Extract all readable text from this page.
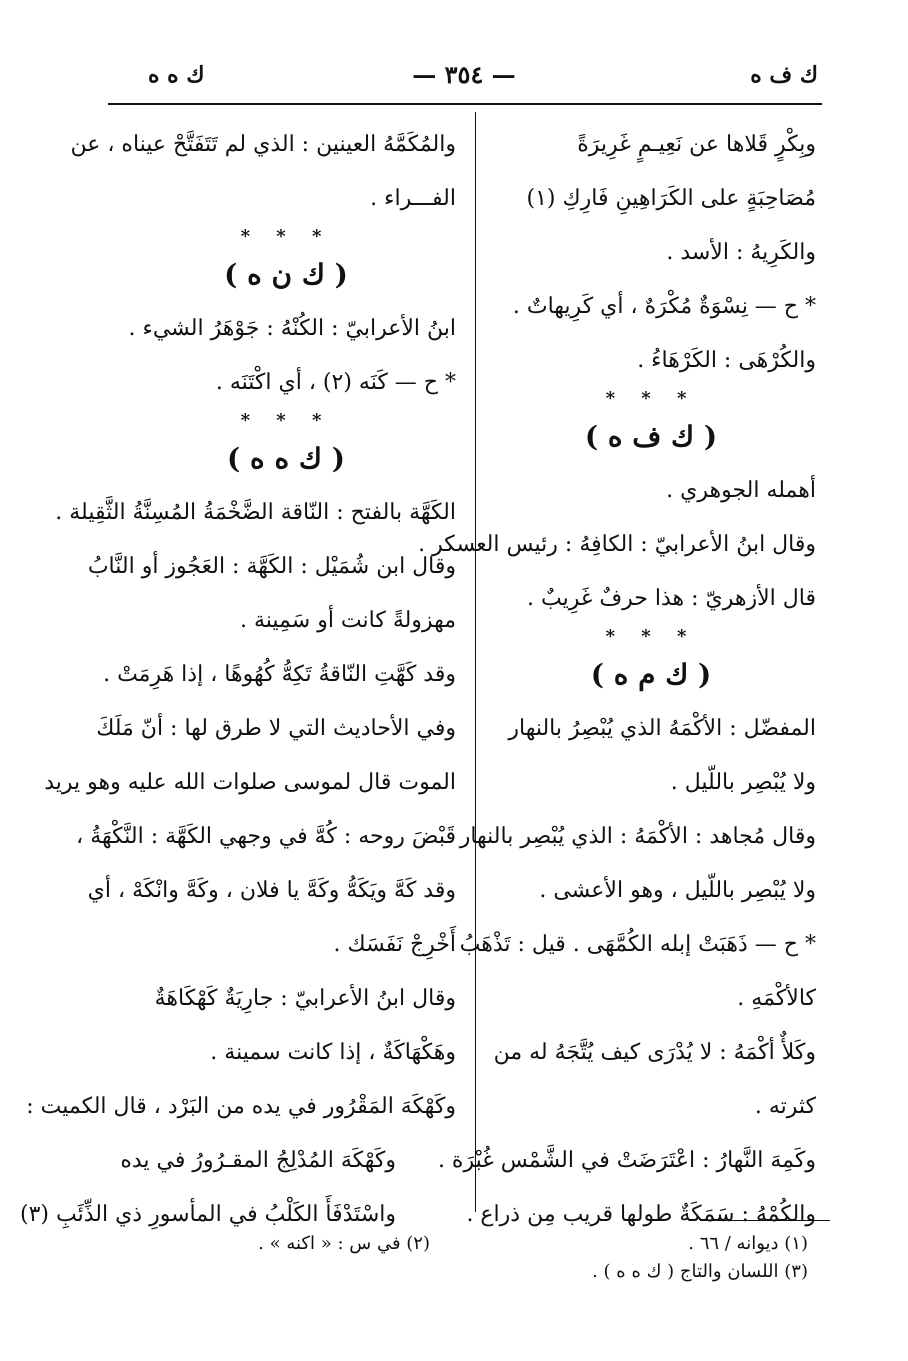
ك ف ه
— ٣٥٤ —
ك ه ه
وبِكْرٍ قَلاها عن نَعِيـمٍ غَرِيرَةً
مُصَاحِبَةٍ على الكَرَاهِينِ فَارِكِ (١)
والكَرِيهُ : الأسد .
* ح — نِسْوَةٌ مُكْرَهٌ ، أي كَرِيهاتٌ .
والكُرْهَى : الكَرْهَاءُ .
* * *
( ك ف ه )
أهمله الجوهري .
وقال ابنُ الأعرابيّ : الكافِهُ : رئيس العسكر .
قال الأزهريّ : هذا حرفٌ غَرِيبٌ .
* * *
( ك م ه )
المفضّل : الأكْمَهُ الذي يُبْصِرُ بالنهار
ولا يُبْصِر باللّيل .
وقال مُجاهد : الأكْمَهُ : الذي يُبْصِر بالنهار
ولا يُبْصِر باللّيل ، وهو الأعشى .
* ح — ذَهَبَتْ إبله الكُمَّهَى . قيل : تَذْهَبُ
كالأكْمَهِ .
وكَلأٌ أكْمَهُ : لا يُدْرَى كيف يُتَّجَهُ له من
كثرته .
وكَمِهَ النَّهارُ : اعْتَرَضَتْ في الشَّمْس غُبْرَة .
والكُمْهُ : سَمَكَةٌ طولها قريب مِن ذراع .
والمُكَمَّهُ العينين : الذي لم تَتَفَتَّحْ عيناه ، عن
الفـــراء .
* * *
( ك ن ه )
ابنُ الأعرابيّ : الكُنْهُ : جَوْهَرُ الشيء .
* ح — كَنَه (٢) ، أي اكْتَنَه .
* * *
( ك ه ه )
الكَهَّة بالفتح : النّاقة الضَّخْمَةُ المُسِنَّةُ الثَّقِيلة .
وقال ابن شُمَيْل : الكَهَّة : العَجُوز أو النَّابُ
مهزولةً كانت أو سَمِينة .
وقد كَهَّتِ النّاقةُ تَكِهُّ كُهُوهًا ، إذا هَرِمَتْ .
وفي الأحاديث التي لا طرق لها : أنّ مَلَكَ
الموت قال لموسى صلوات الله عليه وهو يريد
قَبْضَ روحه : كُهَّ في وجهي الكَهَّة : النَّكْهَةُ ،
وقد كَهَّ ويَكَهُّ وكَهَّ يا فلان ، وكَهَّ وانْكَهْ ، أي
أَخْرِجْ نَفَسَك .
وقال ابنُ الأعرابيّ : جارِيَةٌ كَهْكَاهَةٌ
وهَكْهَاكَةٌ ، إذا كانت سمينة .
وكَهْكَهَ المَقْرُور في يده من البَرْد ، قال الكميت :
وكَهْكَهَ المُدْلِجُ المقـرُورُ في يده
واسْتَدْفَأَ الكَلْبُ في المأسورِ ذي الذِّئَبِ (٣)
(١) ديوانه / ٦٦ .
(٣) اللسان والتاج ( ك ه ه ) .
(٢) في س : « اكنه » .
